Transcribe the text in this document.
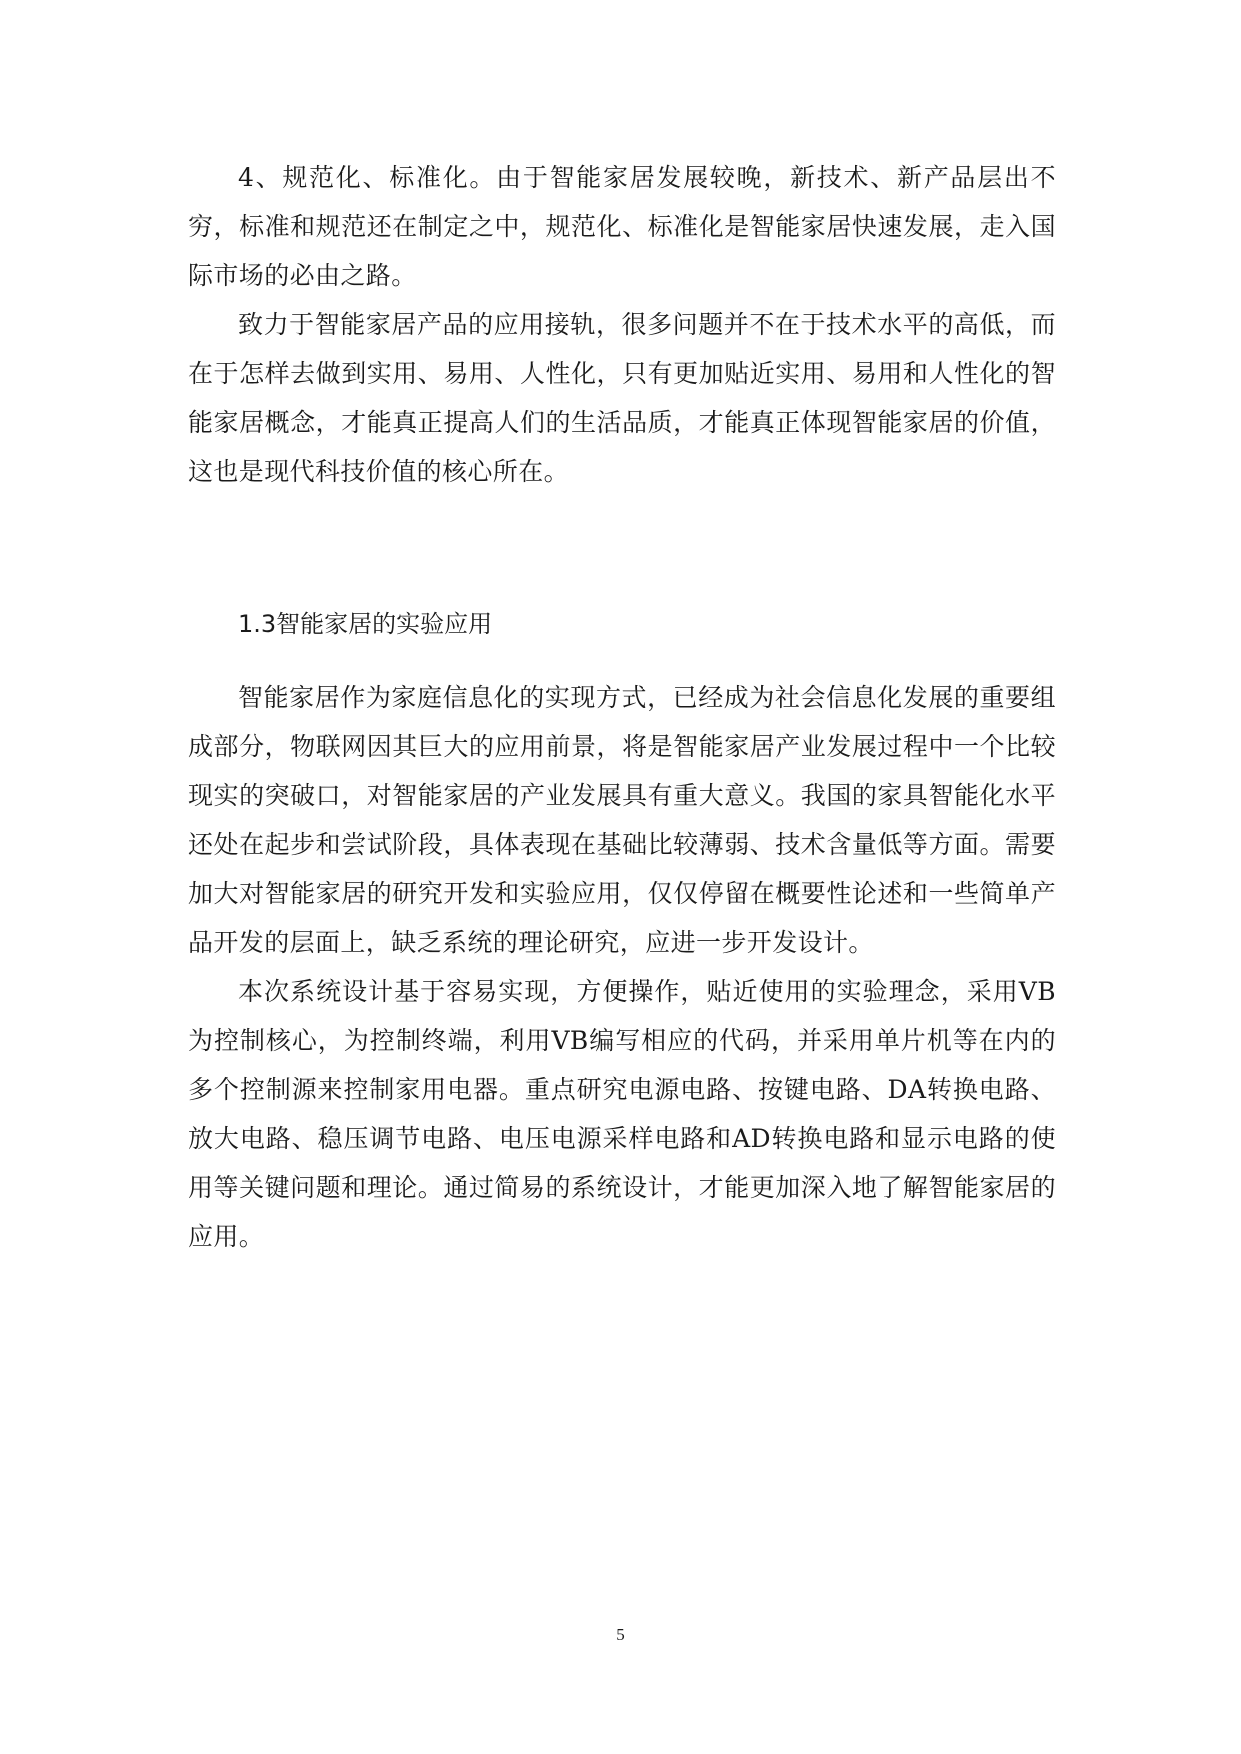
4、规范化、标准化。由于智能家居发展较晚，新技术、新产品层出不穷，标准和规范还在制定之中，规范化、标准化是智能家居快速发展，走入国际市场的必由之路。

致力于智能家居产品的应用接轨，很多问题并不在于技术水平的高低，而在于怎样去做到实用、易用、人性化，只有更加贴近实用、易用和人性化的智能家居概念，才能真正提高人们的生活品质，才能真正体现智能家居的价值，这也是现代科技价值的核心所在。

1.3智能家居的实验应用

智能家居作为家庭信息化的实现方式，已经成为社会信息化发展的重要组成部分，物联网因其巨大的应用前景，将是智能家居产业发展过程中一个比较现实的突破口，对智能家居的产业发展具有重大意义。我国的家具智能化水平还处在起步和尝试阶段，具体表现在基础比较薄弱、技术含量低等方面。需要加大对智能家居的研究开发和实验应用，仅仅停留在概要性论述和一些简单产品开发的层面上，缺乏系统的理论研究，应进一步开发设计。

本次系统设计基于容易实现，方便操作，贴近使用的实验理念，采用VB为控制核心，为控制终端，利用VB编写相应的代码，并采用单片机等在内的多个控制源来控制家用电器。重点研究电源电路、按键电路、DA转换电路、放大电路、稳压调节电路、电压电源采样电路和AD转换电路和显示电路的使用等关键问题和理论。通过简易的系统设计，才能更加深入地了解智能家居的应用。

5
